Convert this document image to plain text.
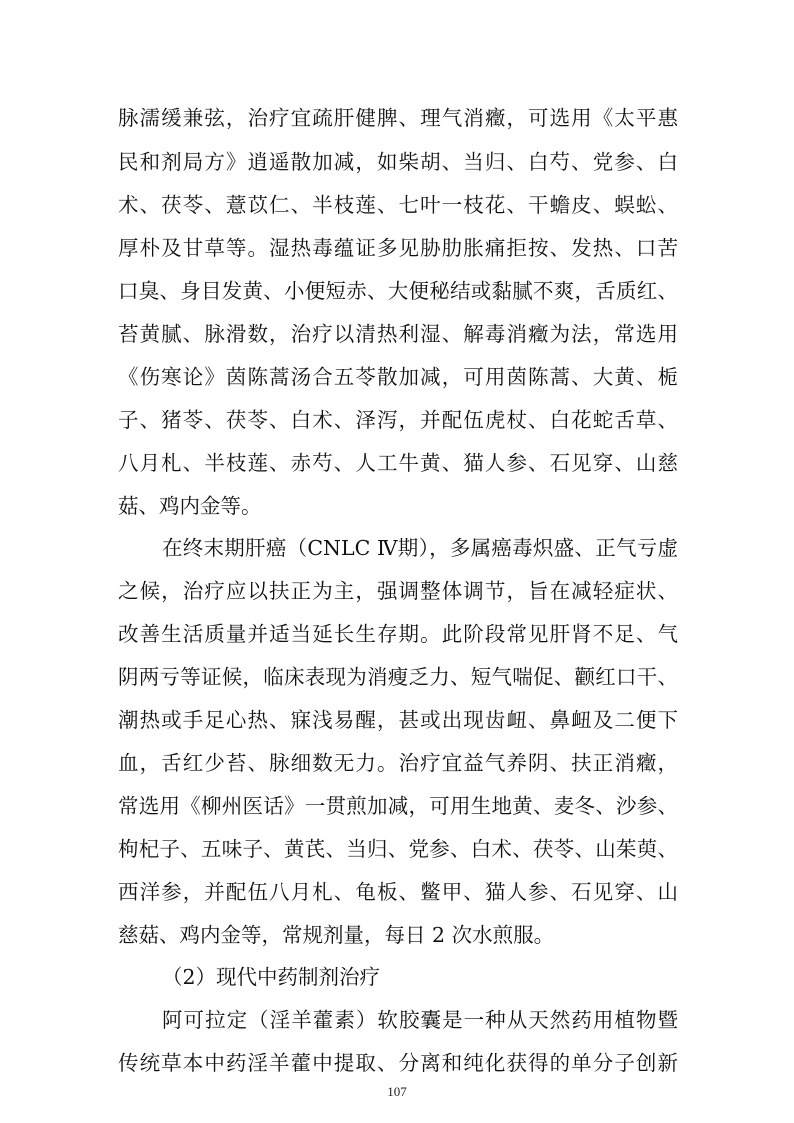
脉濡缓兼弦，治疗宜疏肝健脾、理气消癥，可选用《太平惠
民和剂局方》逍遥散加减，如柴胡、当归、白芍、党参、白
术、茯苓、薏苡仁、半枝莲、七叶一枝花、干蟾皮、蜈蚣、
厚朴及甘草等。湿热毒蕴证多见胁肋胀痛拒按、发热、口苦
口臭、身目发黄、小便短赤、大便秘结或黏腻不爽，舌质红、
苔黄腻、脉滑数，治疗以清热利湿、解毒消癥为法，常选用
《伤寒论》茵陈蒿汤合五苓散加减，可用茵陈蒿、大黄、栀
子、猪苓、茯苓、白术、泽泻，并配伍虎杖、白花蛇舌草、
八月札、半枝莲、赤芍、人工牛黄、猫人参、石见穿、山慈
菇、鸡内金等。
在终末期肝癌（CNLC Ⅳ期），多属癌毒炽盛、正气亏虚
之候，治疗应以扶正为主，强调整体调节，旨在减轻症状、
改善生活质量并适当延长生存期。此阶段常见肝肾不足、气
阴两亏等证候，临床表现为消瘦乏力、短气喘促、颧红口干、
潮热或手足心热、寐浅易醒，甚或出现齿衄、鼻衄及二便下
血，舌红少苔、脉细数无力。治疗宜益气养阴、扶正消癥，
常选用《柳州医话》一贯煎加减，可用生地黄、麦冬、沙参、
枸杞子、五味子、黄芪、当归、党参、白术、茯苓、山茱萸、
西洋参，并配伍八月札、龟板、鳖甲、猫人参、石见穿、山
慈菇、鸡内金等，常规剂量，每日 2 次水煎服。
（2）现代中药制剂治疗
阿可拉定（淫羊藿素）软胶囊是一种从天然药用植物暨
传统草本中药淫羊藿中提取、分离和纯化获得的单分子创新
107
